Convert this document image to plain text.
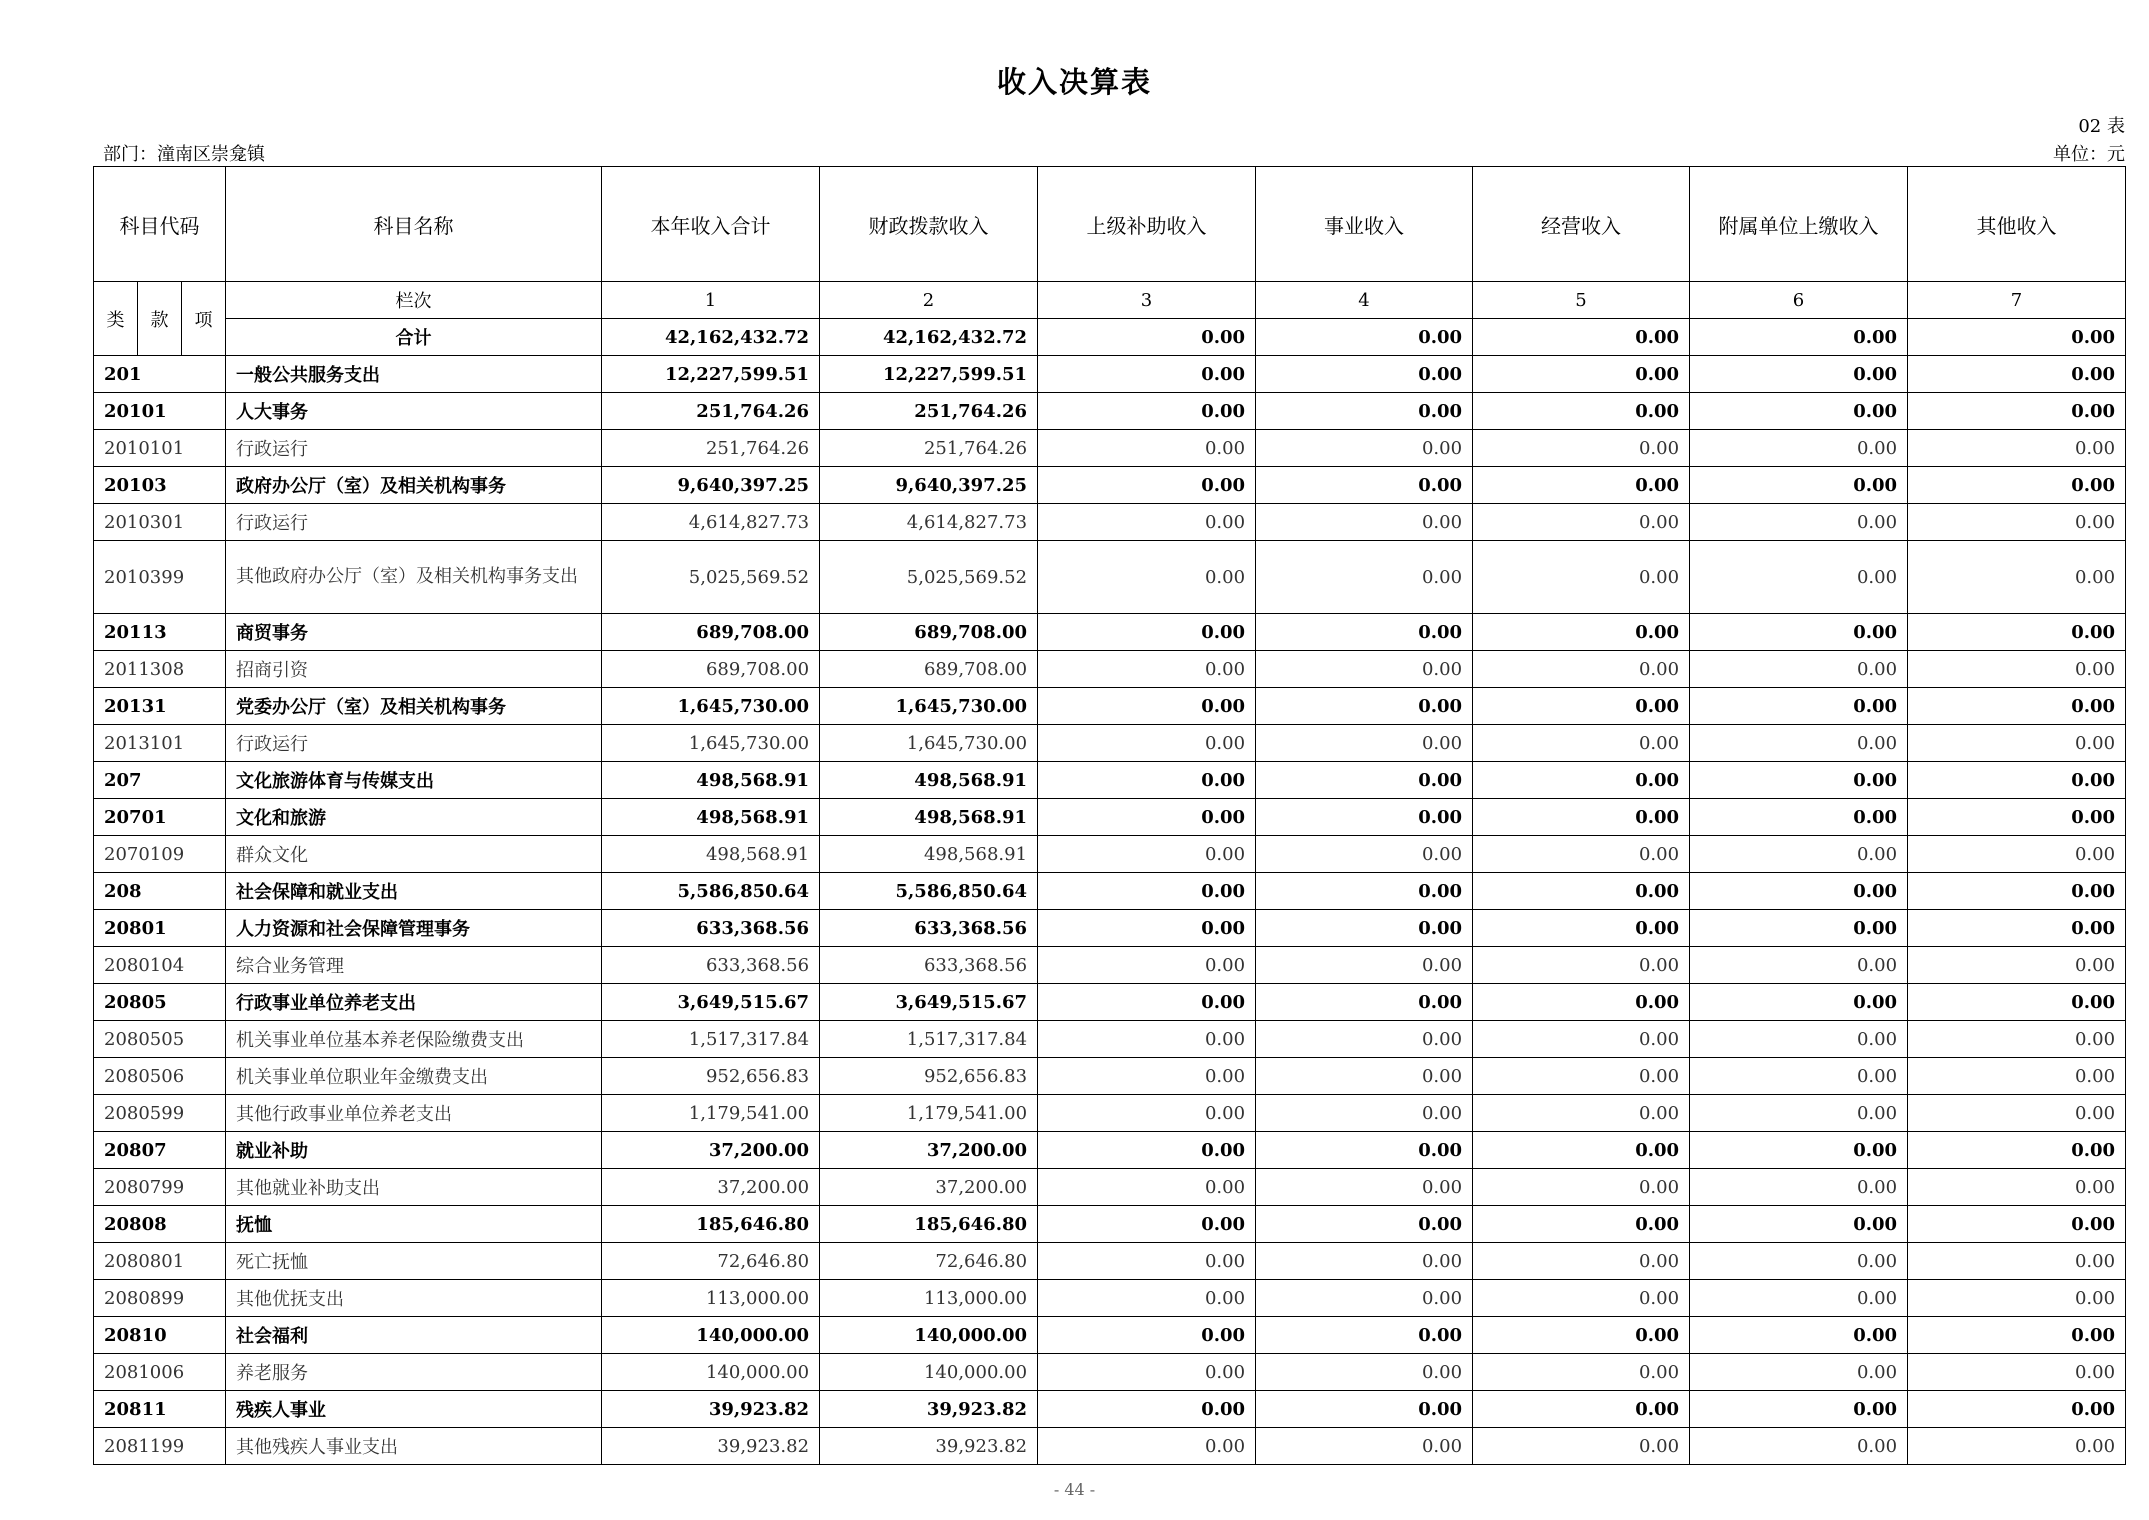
收入决算表
02 表
部门：潼南区崇龛镇	单位：元
科目代码			科目名称	本年收入合计	财政拨款收入	上级补助收入	事业收入	经营收入	附属单位上缴收入	其他收入
类	款	项	栏次	1	2	3	4	5	6	7
			合计	42,162,432.72	42,162,432.72	0.00	0.00	0.00	0.00	0.00
201			一般公共服务支出	12,227,599.51	12,227,599.51	0.00	0.00	0.00	0.00	0.00
20101			人大事务	251,764.26	251,764.26	0.00	0.00	0.00	0.00	0.00
2010101			行政运行	251,764.26	251,764.26	0.00	0.00	0.00	0.00	0.00
20103			政府办公厅（室）及相关机构事务	9,640,397.25	9,640,397.25	0.00	0.00	0.00	0.00	0.00
2010301			行政运行	4,614,827.73	4,614,827.73	0.00	0.00	0.00	0.00	0.00
2010399			其他政府办公厅（室）及相关机构事务支出	5,025,569.52	5,025,569.52	0.00	0.00	0.00	0.00	0.00
20113			商贸事务	689,708.00	689,708.00	0.00	0.00	0.00	0.00	0.00
2011308			招商引资	689,708.00	689,708.00	0.00	0.00	0.00	0.00	0.00
20131			党委办公厅（室）及相关机构事务	1,645,730.00	1,645,730.00	0.00	0.00	0.00	0.00	0.00
2013101			行政运行	1,645,730.00	1,645,730.00	0.00	0.00	0.00	0.00	0.00
207			文化旅游体育与传媒支出	498,568.91	498,568.91	0.00	0.00	0.00	0.00	0.00
20701			文化和旅游	498,568.91	498,568.91	0.00	0.00	0.00	0.00	0.00
2070109			群众文化	498,568.91	498,568.91	0.00	0.00	0.00	0.00	0.00
208			社会保障和就业支出	5,586,850.64	5,586,850.64	0.00	0.00	0.00	0.00	0.00
20801			人力资源和社会保障管理事务	633,368.56	633,368.56	0.00	0.00	0.00	0.00	0.00
2080104			综合业务管理	633,368.56	633,368.56	0.00	0.00	0.00	0.00	0.00
20805			行政事业单位养老支出	3,649,515.67	3,649,515.67	0.00	0.00	0.00	0.00	0.00
2080505			机关事业单位基本养老保险缴费支出	1,517,317.84	1,517,317.84	0.00	0.00	0.00	0.00	0.00
2080506			机关事业单位职业年金缴费支出	952,656.83	952,656.83	0.00	0.00	0.00	0.00	0.00
2080599			其他行政事业单位养老支出	1,179,541.00	1,179,541.00	0.00	0.00	0.00	0.00	0.00
20807			就业补助	37,200.00	37,200.00	0.00	0.00	0.00	0.00	0.00
2080799			其他就业补助支出	37,200.00	37,200.00	0.00	0.00	0.00	0.00	0.00
20808			抚恤	185,646.80	185,646.80	0.00	0.00	0.00	0.00	0.00
2080801			死亡抚恤	72,646.80	72,646.80	0.00	0.00	0.00	0.00	0.00
2080899			其他优抚支出	113,000.00	113,000.00	0.00	0.00	0.00	0.00	0.00
20810			社会福利	140,000.00	140,000.00	0.00	0.00	0.00	0.00	0.00
2081006			养老服务	140,000.00	140,000.00	0.00	0.00	0.00	0.00	0.00
20811			残疾人事业	39,923.82	39,923.82	0.00	0.00	0.00	0.00	0.00
2081199			其他残疾人事业支出	39,923.82	39,923.82	0.00	0.00	0.00	0.00	0.00
- 44 -
